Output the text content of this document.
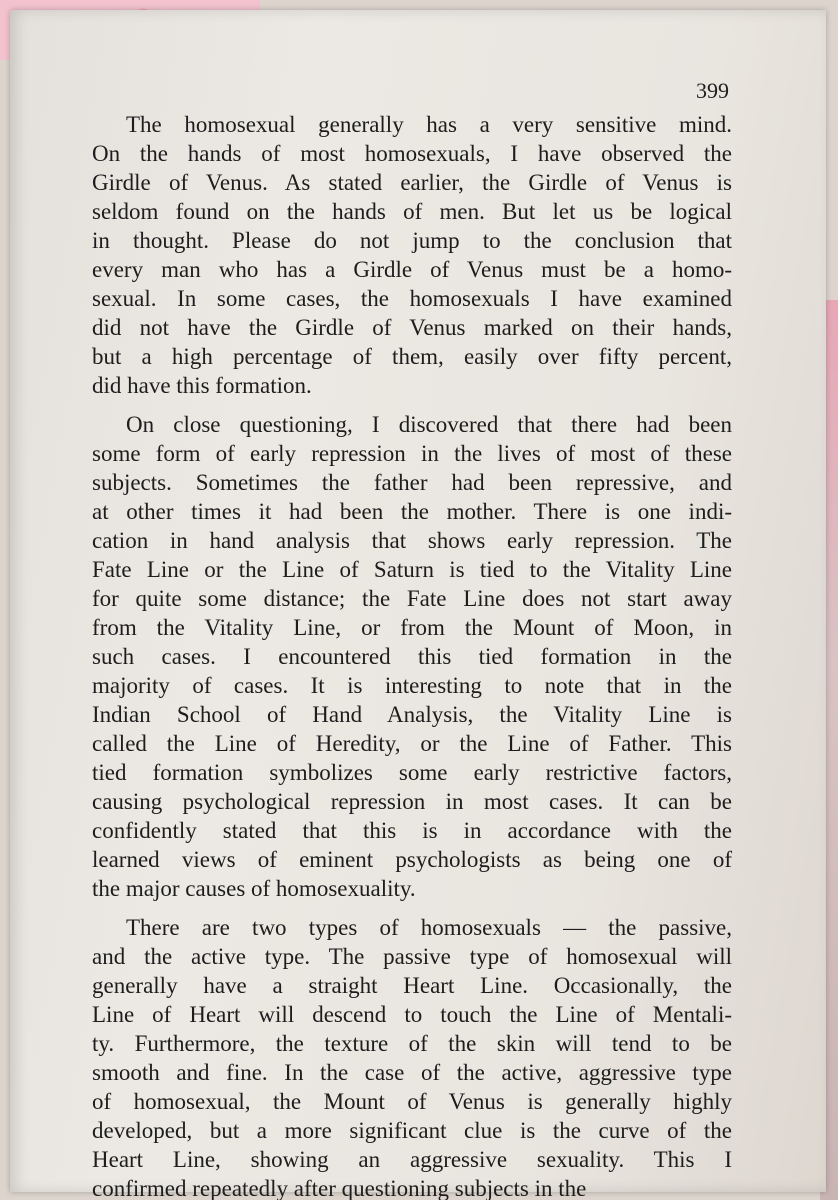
399
The homosexual generally has a very sensitive mind.
On the hands of most homosexuals, I have observed the
Girdle of Venus. As stated earlier, the Girdle of Venus is
seldom found on the hands of men. But let us be logical
in thought. Please do not jump to the conclusion that
every man who has a Girdle of Venus must be a homo-
sexual. In some cases, the homosexuals I have examined
did not have the Girdle of Venus marked on their hands,
but a high percentage of them, easily over fifty percent,
did have this formation.
On close questioning, I discovered that there had been
some form of early repression in the lives of most of these
subjects. Sometimes the father had been repressive, and
at other times it had been the mother. There is one indi-
cation in hand analysis that shows early repression. The
Fate Line or the Line of Saturn is tied to the Vitality Line
for quite some distance; the Fate Line does not start away
from the Vitality Line, or from the Mount of Moon, in
such cases. I encountered this tied formation in the
majority of cases. It is interesting to note that in the
Indian School of Hand Analysis, the Vitality Line is
called the Line of Heredity, or the Line of Father. This
tied formation symbolizes some early restrictive factors,
causing psychological repression in most cases. It can be
confidently stated that this is in accordance with the
learned views of eminent psychologists as being one of
the major causes of homosexuality.
There are two types of homosexuals — the passive,
and the active type. The passive type of homosexual will
generally have a straight Heart Line. Occasionally, the
Line of Heart will descend to touch the Line of Mentali-
ty. Furthermore, the texture of the skin will tend to be
smooth and fine. In the case of the active, aggressive type
of homosexual, the Mount of Venus is generally highly
developed, but a more significant clue is the curve of the
Heart Line, showing an aggressive sexuality. This I
confirmed repeatedly after questioning subjects in the
